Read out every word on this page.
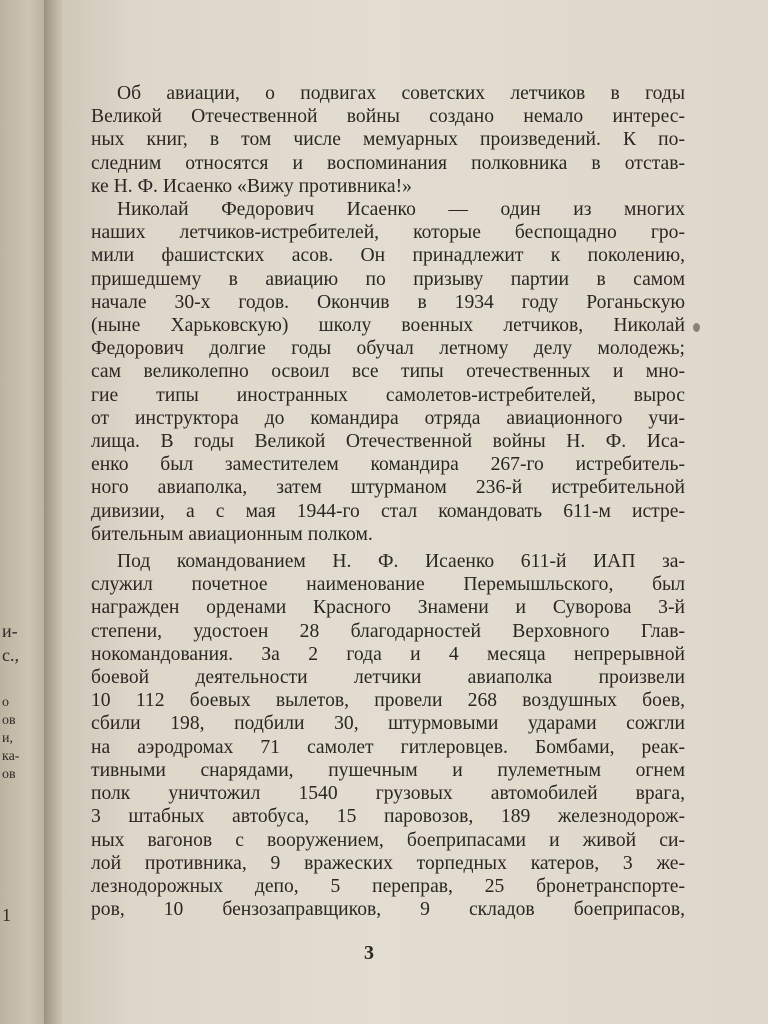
и-
с.,
о
ов
и,
ка-
ов
1

Об авиации, о подвигах советских летчиков в годы
Великой Отечественной войны создано немало интерес-
ных книг, в том числе мемуарных произведений. К по-
следним относятся и воспоминания полковника в отстав-
ке Н. Ф. Исаенко «Вижу противника!»

Николай Федорович Исаенко — один из многих
наших летчиков-истребителей, которые беспощадно гро-
мили фашистских асов. Он принадлежит к поколению,
пришедшему в авиацию по призыву партии в самом
начале 30-х годов. Окончив в 1934 году Роганьскую
(ныне Харьковскую) школу военных летчиков, Николай
Федорович долгие годы обучал летному делу молодежь;
сам великолепно освоил все типы отечественных и мно-
гие типы иностранных самолетов-истребителей, вырос
от инструктора до командира отряда авиационного учи-
лища. В годы Великой Отечественной войны Н. Ф. Иса-
енко был заместителем командира 267-го истребитель-
ного авиаполка, затем штурманом 236-й истребительной
дивизии, а с мая 1944-го стал командовать 611-м истре-
бительным авиационным полком.

Под командованием Н. Ф. Исаенко 611-й ИАП за-
служил почетное наименование Перемышльского, был
награжден орденами Красного Знамени и Суворова 3-й
степени, удостоен 28 благодарностей Верховного Глав-
нокомандования. За 2 года и 4 месяца непрерывной
боевой деятельности летчики авиаполка произвели
10 112 боевых вылетов, провели 268 воздушных боев,
сбили 198, подбили 30, штурмовыми ударами сожгли
на аэродромах 71 самолет гитлеровцев. Бомбами, реак-
тивными снарядами, пушечным и пулеметным огнем
полк уничтожил 1540 грузовых автомобилей врага,
3 штабных автобуса, 15 паровозов, 189 железнодорож-
ных вагонов с вооружением, боеприпасами и живой си-
лой противника, 9 вражеских торпедных катеров, 3 же-
лезнодорожных депо, 5 переправ, 25 бронетранспорте-
ров, 10 бензозаправщиков, 9 складов боеприпасов,

3
